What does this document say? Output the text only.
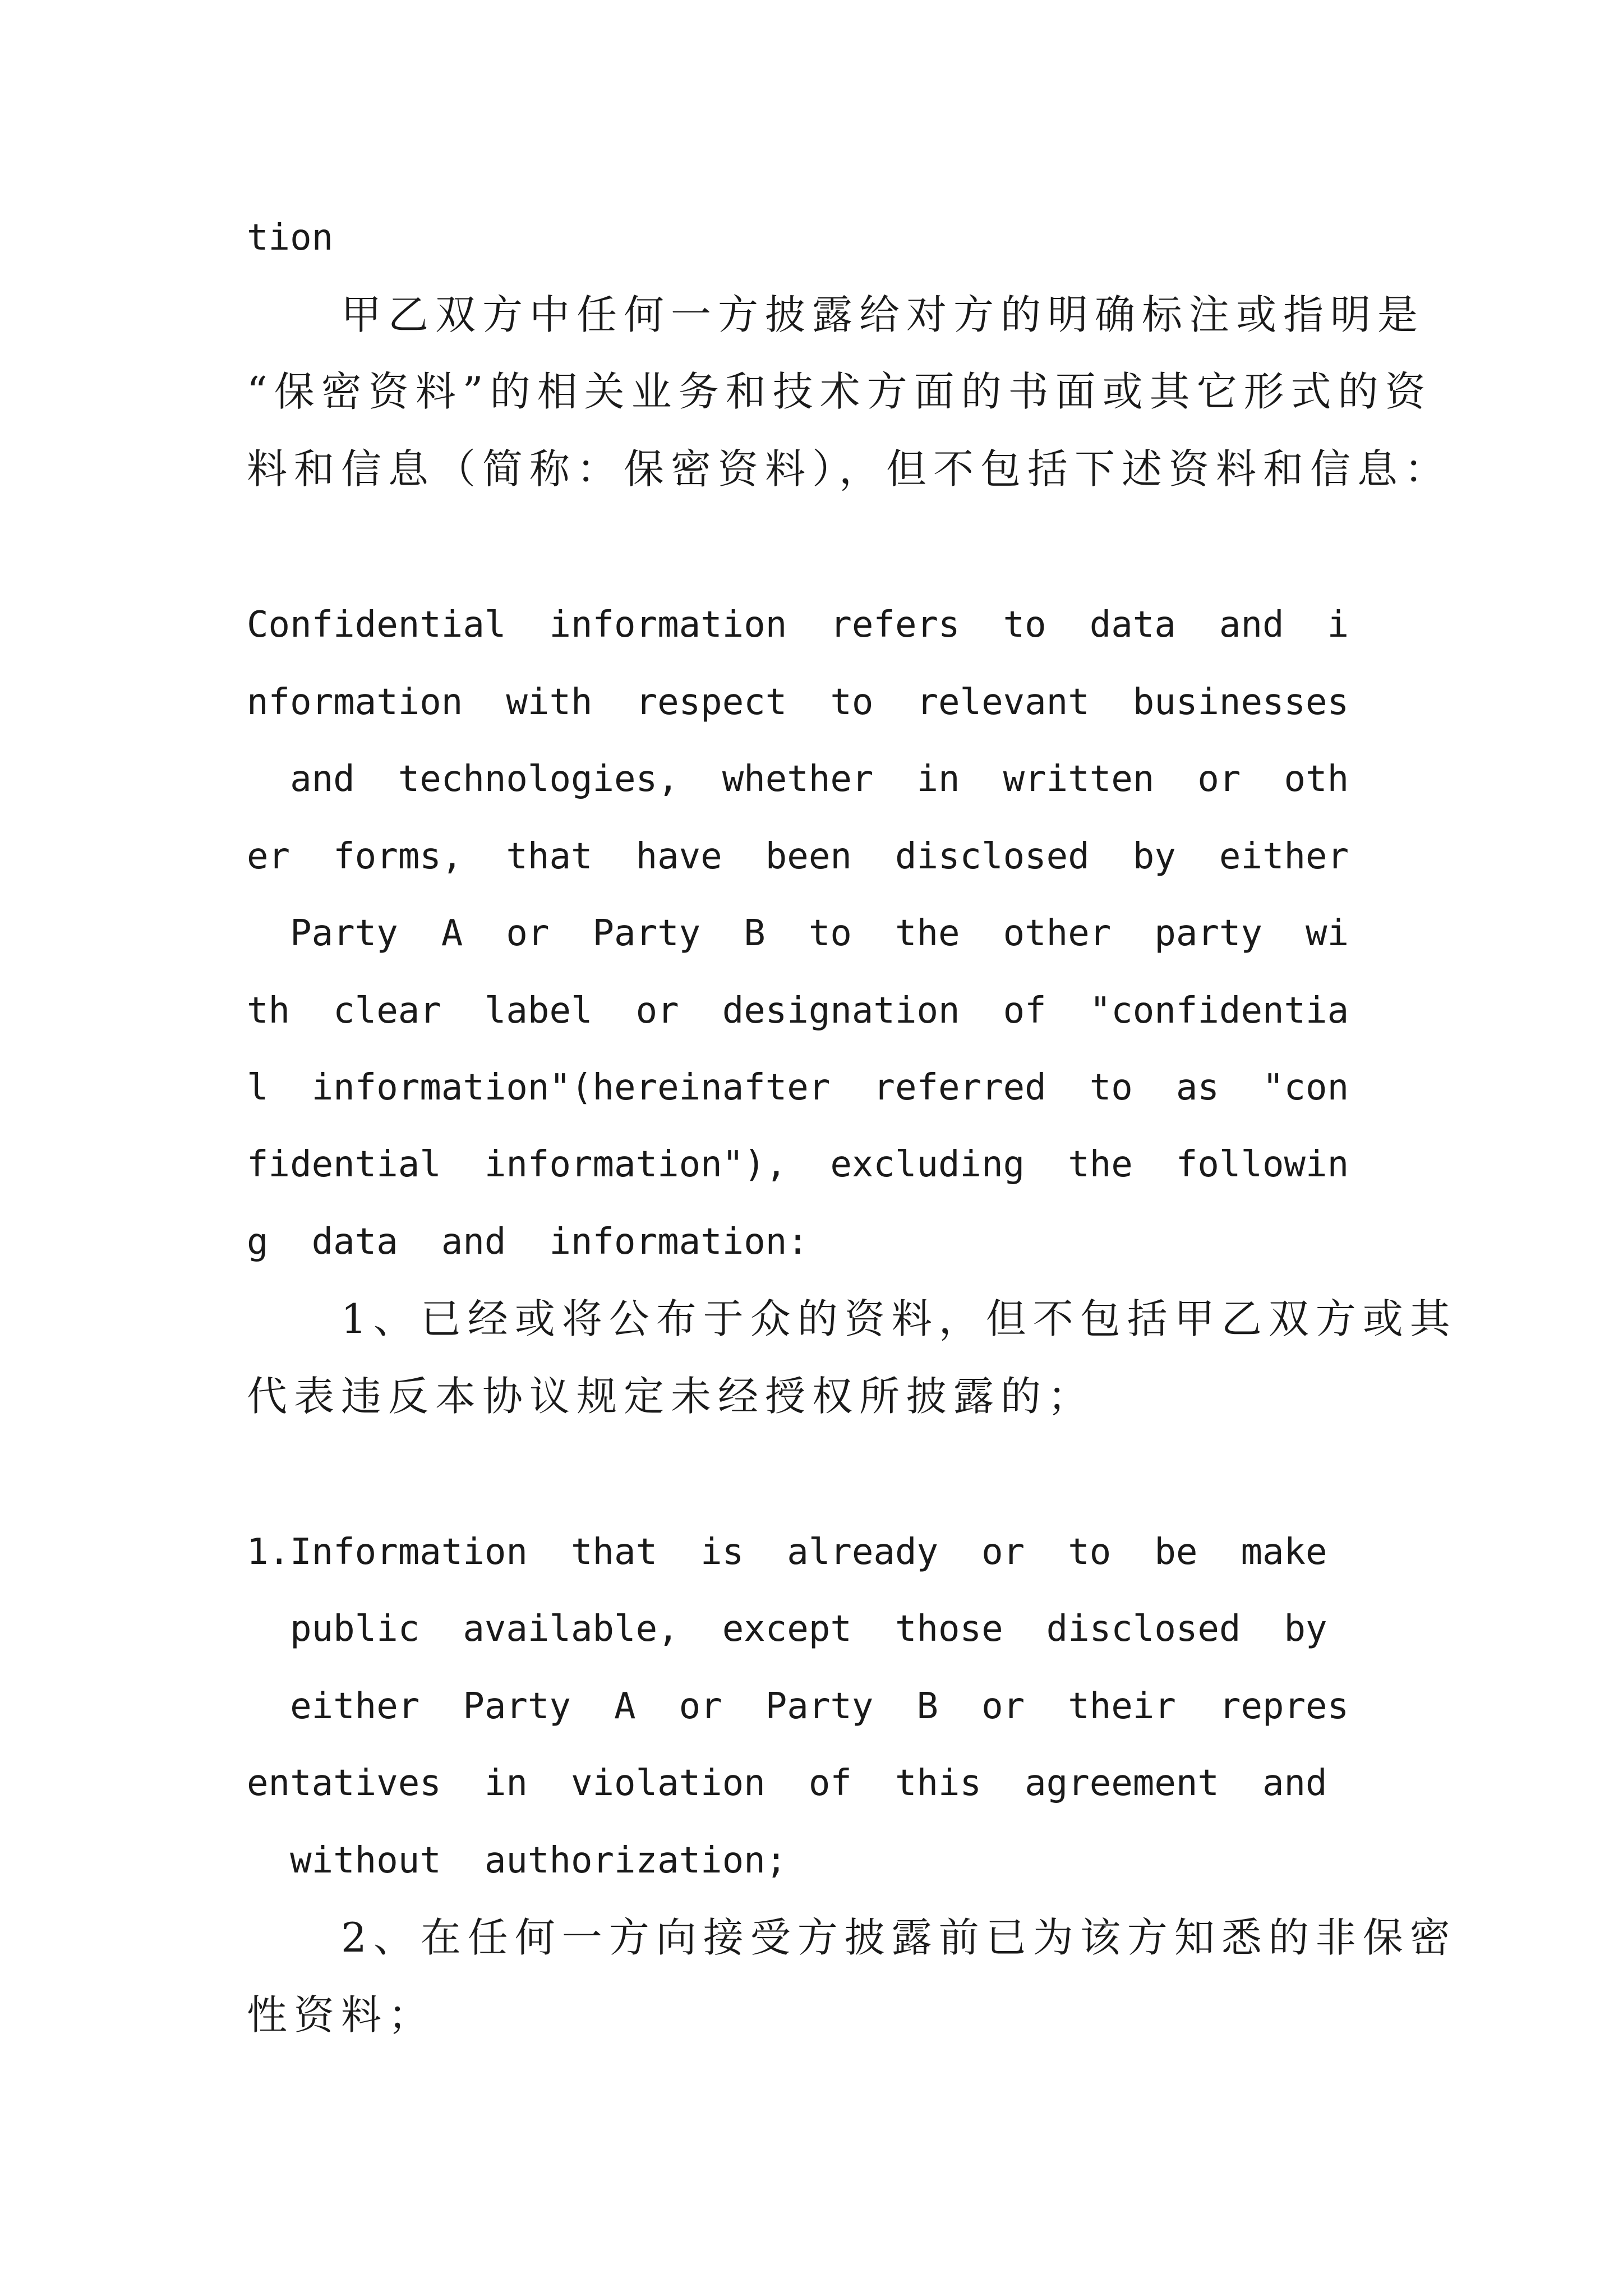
tion

　　甲乙双方中任何一方披露给对方的明确标注或指明是

“保密资料”的相关业务和技术方面的书面或其它形式的资

料和信息（简称：保密资料），但不包括下述资料和信息：

Confidential  information  refers  to  data  and  i

nformation  with  respect  to  relevant  businesses

and  technologies,  whether  in  written  or  oth

er  forms,  that  have  been  disclosed  by  either

Party  A  or  Party  B  to  the  other  party  wi

th  clear  label  or  designation  of  "confidentia

l  information"(hereinafter  referred  to  as  "con

fidential  information"),  excluding  the  followin

g  data  and  information:

　　1、已经或将公布于众的资料，但不包括甲乙双方或其

代表违反本协议规定未经授权所披露的；

1.Information  that  is  already  or  to  be  make

public  available,  except  those  disclosed  by

either  Party  A  or  Party  B  or  their  repres

entatives  in  violation  of  this  agreement  and

without  authorization;

　　2、在任何一方向接受方披露前已为该方知悉的非保密

性资料；
